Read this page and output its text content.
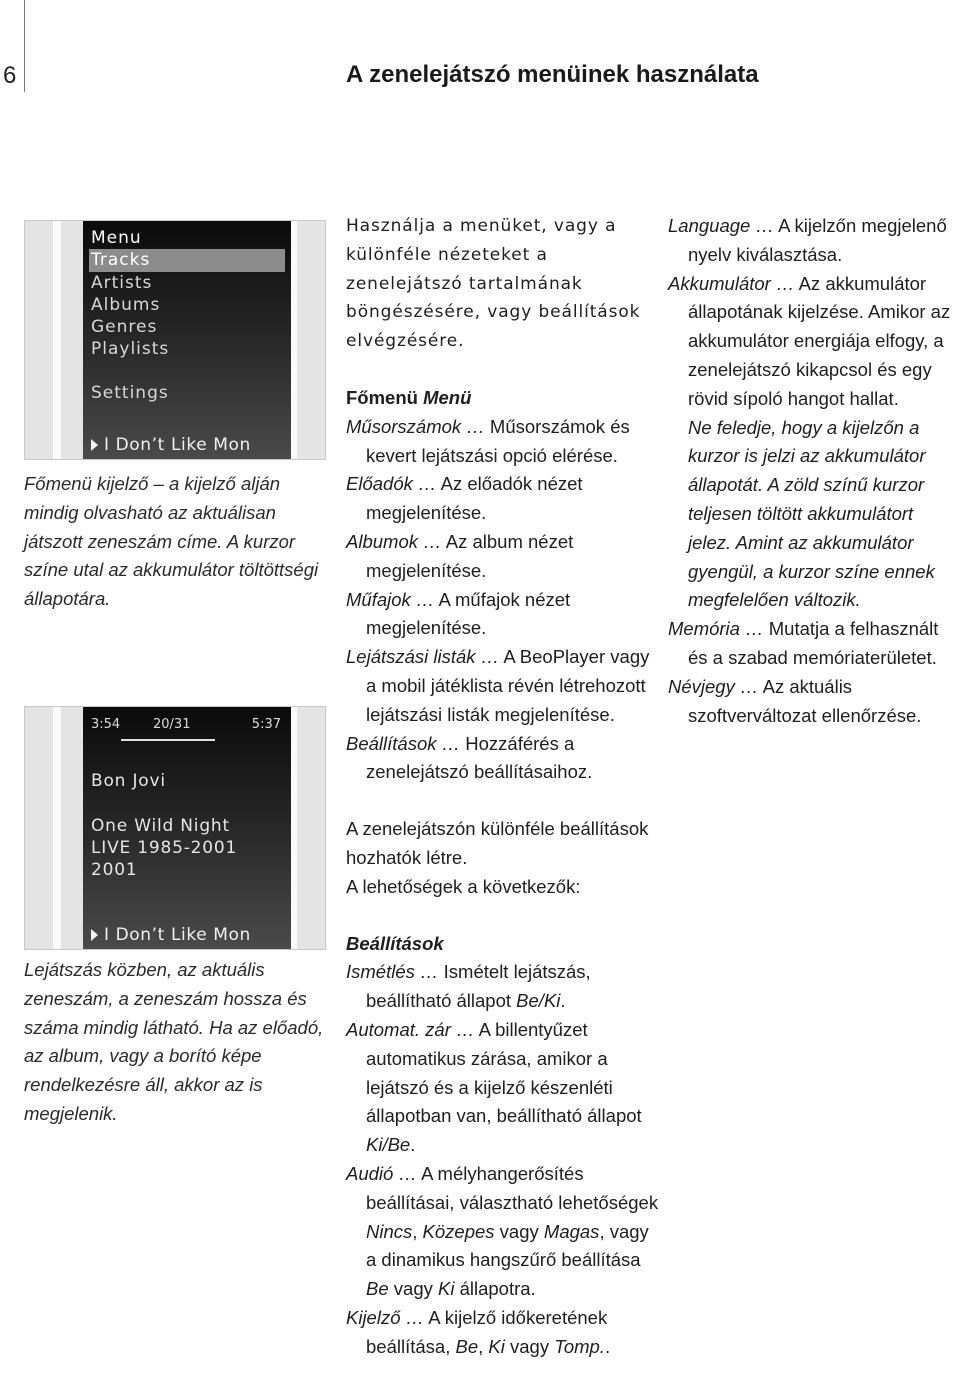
6	A zenelejátszó menüinek használata
Menu
Tracks
Artists
Albums
Genres
Playlists
Settings
I Don’t Like Mon

Főmenü kijelző – a kijelző alján mindig olvasható az aktuálisan játszott zeneszám címe. A kurzor színe utal az akkumulátor töltöttségi állapotára.

3:54	20/31	5:37
Bon Jovi
One Wild Night
LIVE 1985-2001
2001
I Don’t Like Mon

Lejátszás közben, az aktuális zeneszám, a zeneszám hossza és száma mindig látható. Ha az előadó, az album, vagy a borító képe rendelkezésre áll, akkor az is megjelenik.

Használja a menüket, vagy a különféle nézeteket a zenelejátszó tartalmának böngészésére, vagy beállítások elvégzésére.

Főmenü Menü

Műsorszámok … Műsorszámok és kevert lejátszási opció elérése.

Előadók … Az előadók nézet megjelenítése.

Albumok … Az album nézet megjelenítése.

Műfajok … A műfajok nézet megjelenítése.

Lejátszási listák … A BeoPlayer vagy a mobil játéklista révén létrehozott lejátszási listák megjelenítése.

Beállítások … Hozzáférés a zenelejátszó beállításaihoz.

A zenelejátszón különféle beállítások hozhatók létre.

A lehetőségek a következők:

Beállítások

Ismétlés … Ismételt lejátszás, beállítható állapot Be/Ki.

Automat. zár … A billentyűzet automatikus zárása, amikor a lejátszó és a kijelző készenléti állapotban van, beállítható állapot Ki/Be.

Audió … A mélyhangerősítés beállításai, választható lehetőségek Nincs, Közepes vagy Magas, vagy a dinamikus hangszűrő beállítása Be vagy Ki állapotra.

Kijelző … A kijelző időkeretének beállítása, Be, Ki vagy Tomp..

Language … A kijelzőn megjelenő nyelv kiválasztása.

Akkumulátor … Az akkumulátor állapotának kijelzése. Amikor az akkumulátor energiája elfogy, a zenelejátszó kikapcsol és egy rövid sípoló hangot hallat.

Ne feledje, hogy a kijelzőn a kurzor is jelzi az akkumulátor állapotát. A zöld színű kurzor teljesen töltött akkumulátort jelez. Amint az akkumulátor gyengül, a kurzor színe ennek megfelelően változik.

Memória … Mutatja a felhasznált és a szabad memóriaterületet.

Névjegy … Az aktuális szoftverváltozat ellenőrzése.
